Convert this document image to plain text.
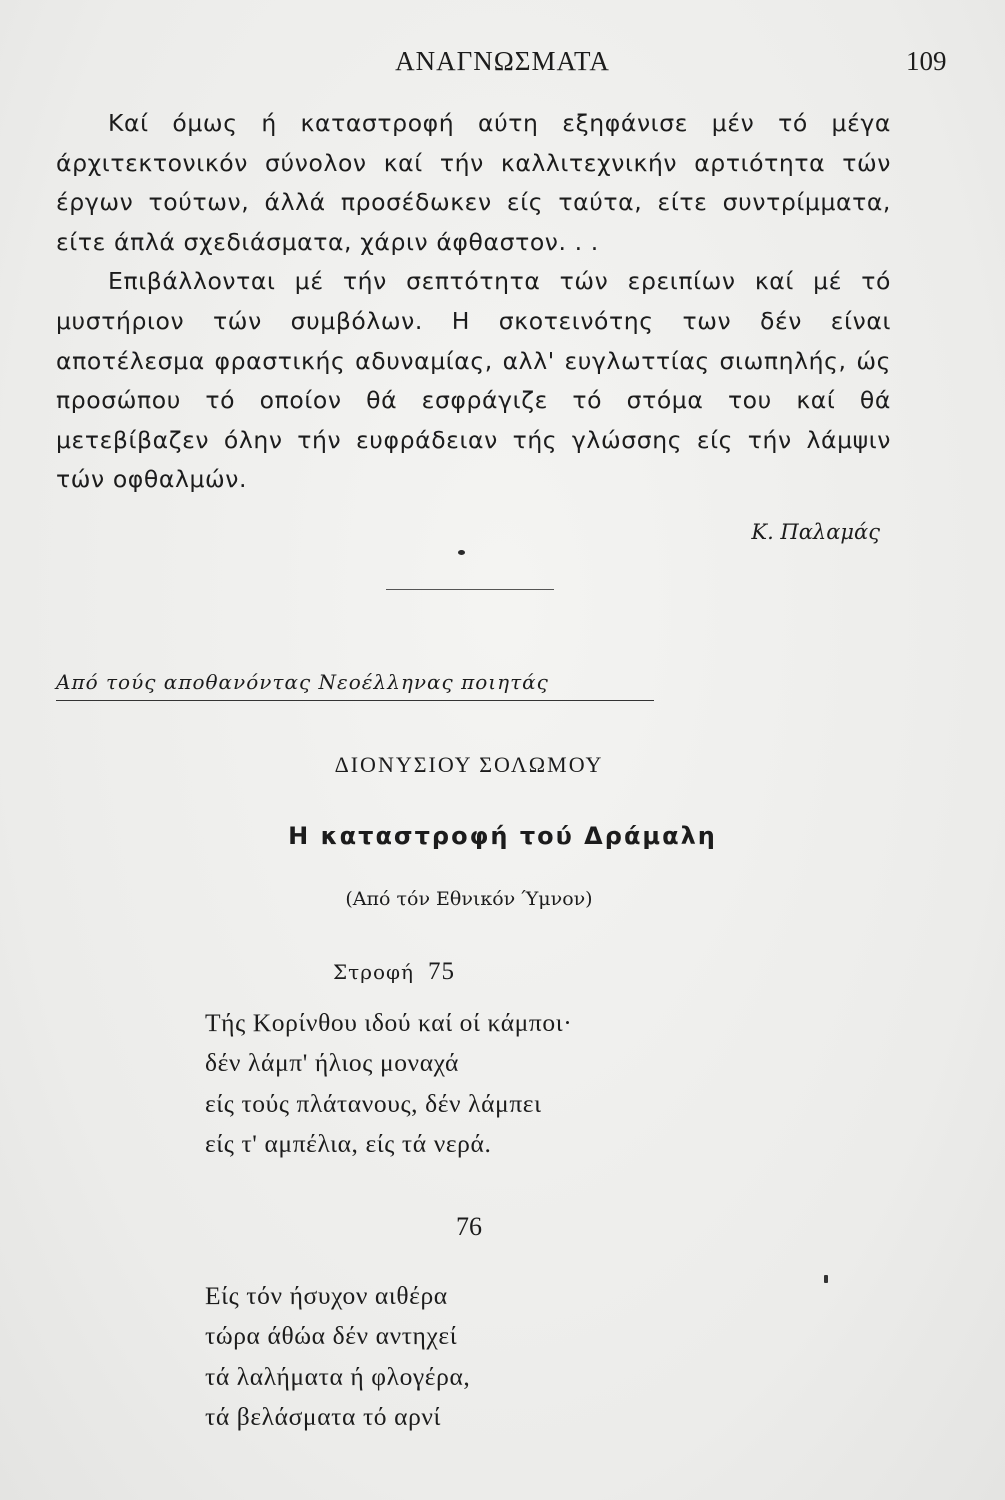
ΑΝΑΓΝΩΣΜΑΤΑ	109

Καί όμως ή καταστροφή αύτη εξηφάνισε μέν τό μέγα άρχιτεκτονικόν σύνολον καί τήν καλλιτεχνικήν αρτιότητα τών έργων τούτων, άλλά προσέδωκεν είς ταύτα, είτε συντρίμματα, είτε άπλά σχεδιάσματα, χάριν άφθαστον. . .

Επιβάλλονται μέ τήν σεπτότητα τών ερειπίων καί μέ τό μυστήριον τών συμβόλων. Η σκοτεινότης των δέν είναι αποτέλεσμα φραστικής αδυναμίας, αλλ' ευγλωττίας σιωπηλής, ώς προσώπου τό οποίον θά εσφράγιζε τό στόμα του καί θά μετεβίβαζεν όλην τήν ευφράδειαν τής γλώσσης είς τήν λάμψιν τών οφθαλμών.

Κ. Παλαμάς
Από τούς αποθανόντας Νεοέλληνας ποιητάς
ΔΙΟΝΥΣΙΟΥ ΣΟΛΩΜΟΥ
Η καταστροφή τού Δράμαλη
(Από τόν Εθνικόν Ύμνον)
Στροφή 75
Τής Κορίνθου ιδού καί οί κάμποι·
δέν λάμπ' ήλιος μοναχά
είς τούς πλάτανους, δέν λάμπει
είς τ' αμπέλια, είς τά νερά.
76
Είς τόν ήσυχον αιθέρα
τώρα άθώα δέν αντηχεί
τά λαλήματα ή φλογέρα,
τά βελάσματα τό αρνί
